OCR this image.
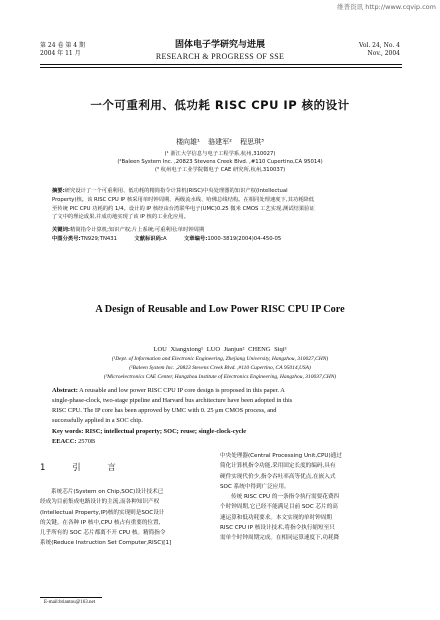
维普资讯 http://www.cqvip.com
第 24 卷 第 4 期
2004 年 11 月
固体电子学研究与进展
RESEARCH & PROGRESS OF SSE
Vol. 24, No. 4
Nov., 2004
一个可重利用、低功耗 RISC CPU IP 核的设计
楼向雄¹ 骆建军² 程思琪³
(¹ 浙江大学信息与电子工程学系,杭州,310027)
(²Baleen System Inc. ,20823 Stevens Creek Blvd. ,#110 Cupertino,CA 95014)
(³ 杭州电子工业学院微电子 CAE 研究所,杭州,310037)
摘要:研究设计了一个可重利用、低功耗的精简指令计算机(RISC)中央处理器的知识产权(Intellectual
Property)核。该 RISC CPU IP 核采用单时钟周期、两级流水线、哈佛总线结构。在相同处理速度下,其功耗降低
至传统 PIC CPU 功耗的约 1/4。设计的 IP 核经由台湾联华电子(UMC)0.25 微米 CMOS 工艺实现,测试结果验证
了文中的理论成果,并成功地实现了该 IP 核的工业化应用。
关键词:精简指令计算机;知识产权;片上系统;可重利用;单时钟周期
中图分类号:TN929;TN431	文献标识码:A	文章编号:1000-3819(2004)04-450-05
A Design of Reusable and Low Power RISC CPU IP Core
LOU Xiangxiong¹ LUO Jianjun² CHENG Siqi³
(¹Dept. of Information and Electronic Engineering, Zhejiang University, Hangzhou, 310027,CHN)
(²Baleen System Inc. ,20823 Stevens Creek Blvd. ,#110 Cupertino, CA 95014,USA)
(³Microelectronics CAE Center, Hangzhou Institute of Electronics Engineering, Hangzhou, 310037,CHN)
Abstract: A reusable and low power RISC CPU IP core design is proposed in this paper. A
single-phase-clock, two-stage pipeline and Harvard bus architecture have been adopted in this
RISC CPU. The IP core has been approved by UMC with 0. 25 μm CMOS process, and
successfully applied in a SOC chip.
Key words: RISC; intellectual property; SOC; reuse; single-clock-cycle
EEACC: 2570B
1 引 言
系统芯片(System on Chip,SOC)设计技术已
经成为目前集成电路设计的主流,而各种知识产权
(Intellectual Property,IP)核的实现则是SOC设计
的关键。在各种 IP 核中,CPU 核占有重要的位置,
几乎所有的 SOC 芯片都离不开 CPU 核。精简指令
系统(Reduce Instruction Set Computer,RISC)[1]
中央处理器(Central Processing Unit,CPU)通过
简化计算机指令功能,采用固定长度的编码,具有
硬件实现代价少,指令吞吐率高等优点,在嵌入式
SOC 系统中得到广泛应用。
传统 RISC CPU 的一条指令执行需要花费四
个时钟周期,它已经不能满足目前 SOC 芯片的高
速运算和低功耗要求。本文实现的单时钟周期
RISC CPU IP 核设计技术,将指令执行缩短至只
需单个时钟周期完成。在相同运算速度下,功耗降
E-mail:briantou@163.net
